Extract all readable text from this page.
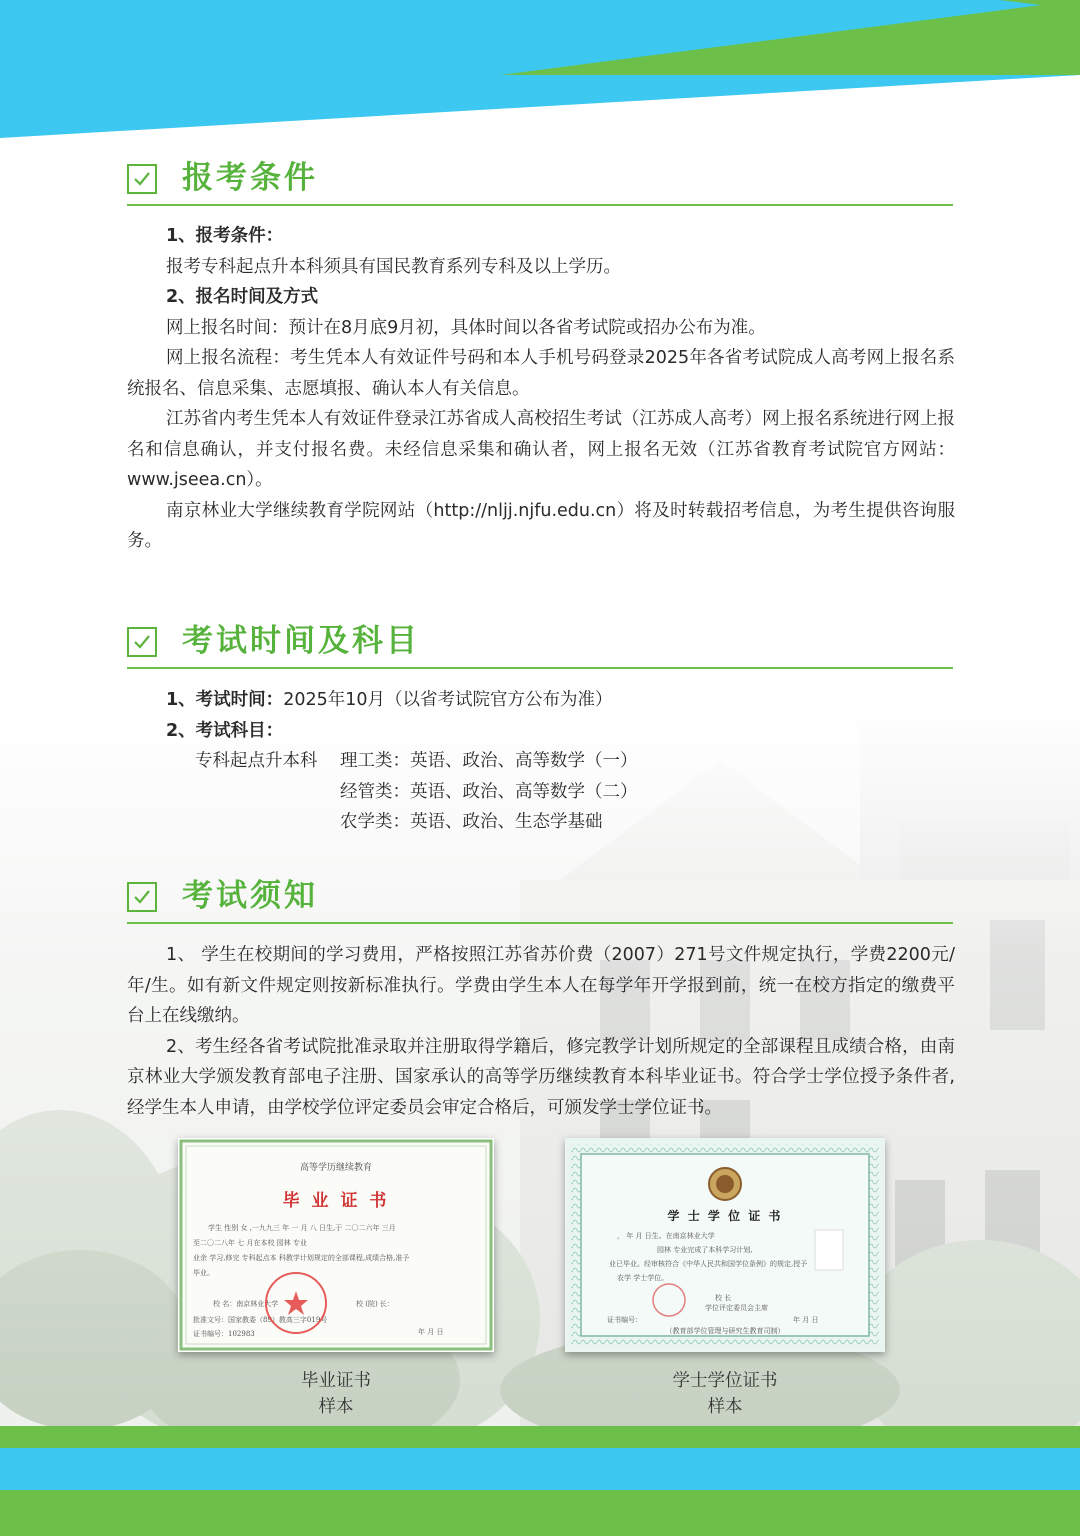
报考条件
1、报考条件：
报考专科起点升本科须具有国民教育系列专科及以上学历。
2、报名时间及方式
网上报名时间：预计在8月底9月初，具体时间以各省考试院或招办公布为准。
网上报名流程：考生凭本人有效证件号码和本人手机号码登录2025年各省考试院成人高考网上报名系统报名、信息采集、志愿填报、确认本人有关信息。
江苏省内考生凭本人有效证件登录江苏省成人高校招生考试（江苏成人高考）网上报名系统进行网上报名和信息确认，并支付报名费。未经信息采集和确认者，网上报名无效（江苏省教育考试院官方网站：www.jseea.cn）。
南京林业大学继续教育学院网站（http://nljj.njfu.edu.cn）将及时转载招考信息，为考生提供咨询服务。
考试时间及科目
1、考试时间：2025年10月（以省考试院官方公布为准）
2、考试科目：
专科起点升本科 理工类：英语、政治、高等数学（一）
经管类：英语、政治、高等数学（二）
农学类：英语、政治、生态学基础
考试须知
1、 学生在校期间的学习费用，严格按照江苏省苏价费（2007）271号文件规定执行，学费2200元/年/生。如有新文件规定则按新标准执行。学费由学生本人在每学年开学报到前，统一在校方指定的缴费平台上在线缴纳。
2、考生经各省考试院批准录取并注册取得学籍后，修完教学计划所规定的全部课程且成绩合格，由南京林业大学颁发教育部电子注册、国家承认的高等学历继续教育本科毕业证书。符合学士学位授予条件者,经学生本人申请，由学校学位评定委员会审定合格后，可颁发学士学位证书。
高等学历继续教育
毕 业 证 书
学生 性别 女 ,一九九三 年 一 月 八 日生,于 二〇二六年 三月
至二〇二八年 七 月在本校 园林 专业
业余 学习,修完 专科起点本 科教学计划规定的全部课程,成绩合格,准予
毕业。
校 名：南京林业大学	校 (院) 长：
批准文号：国家教委（89）教高三字019号
证书编号：102983	年 月 日
毕业证书
样本
学 士 学 位 证 书
， 年 月 日生。在南京林业大学
园林 专业完成了本科学习计划,
业已毕业。经审核符合《中华人民共和国学位条例》的规定,授予
农学 学士学位。
校 长
学位评定委员会主席
证书编号：	年 月 日
（教育部学位管理与研究生教育司制）
学士学位证书
样本
